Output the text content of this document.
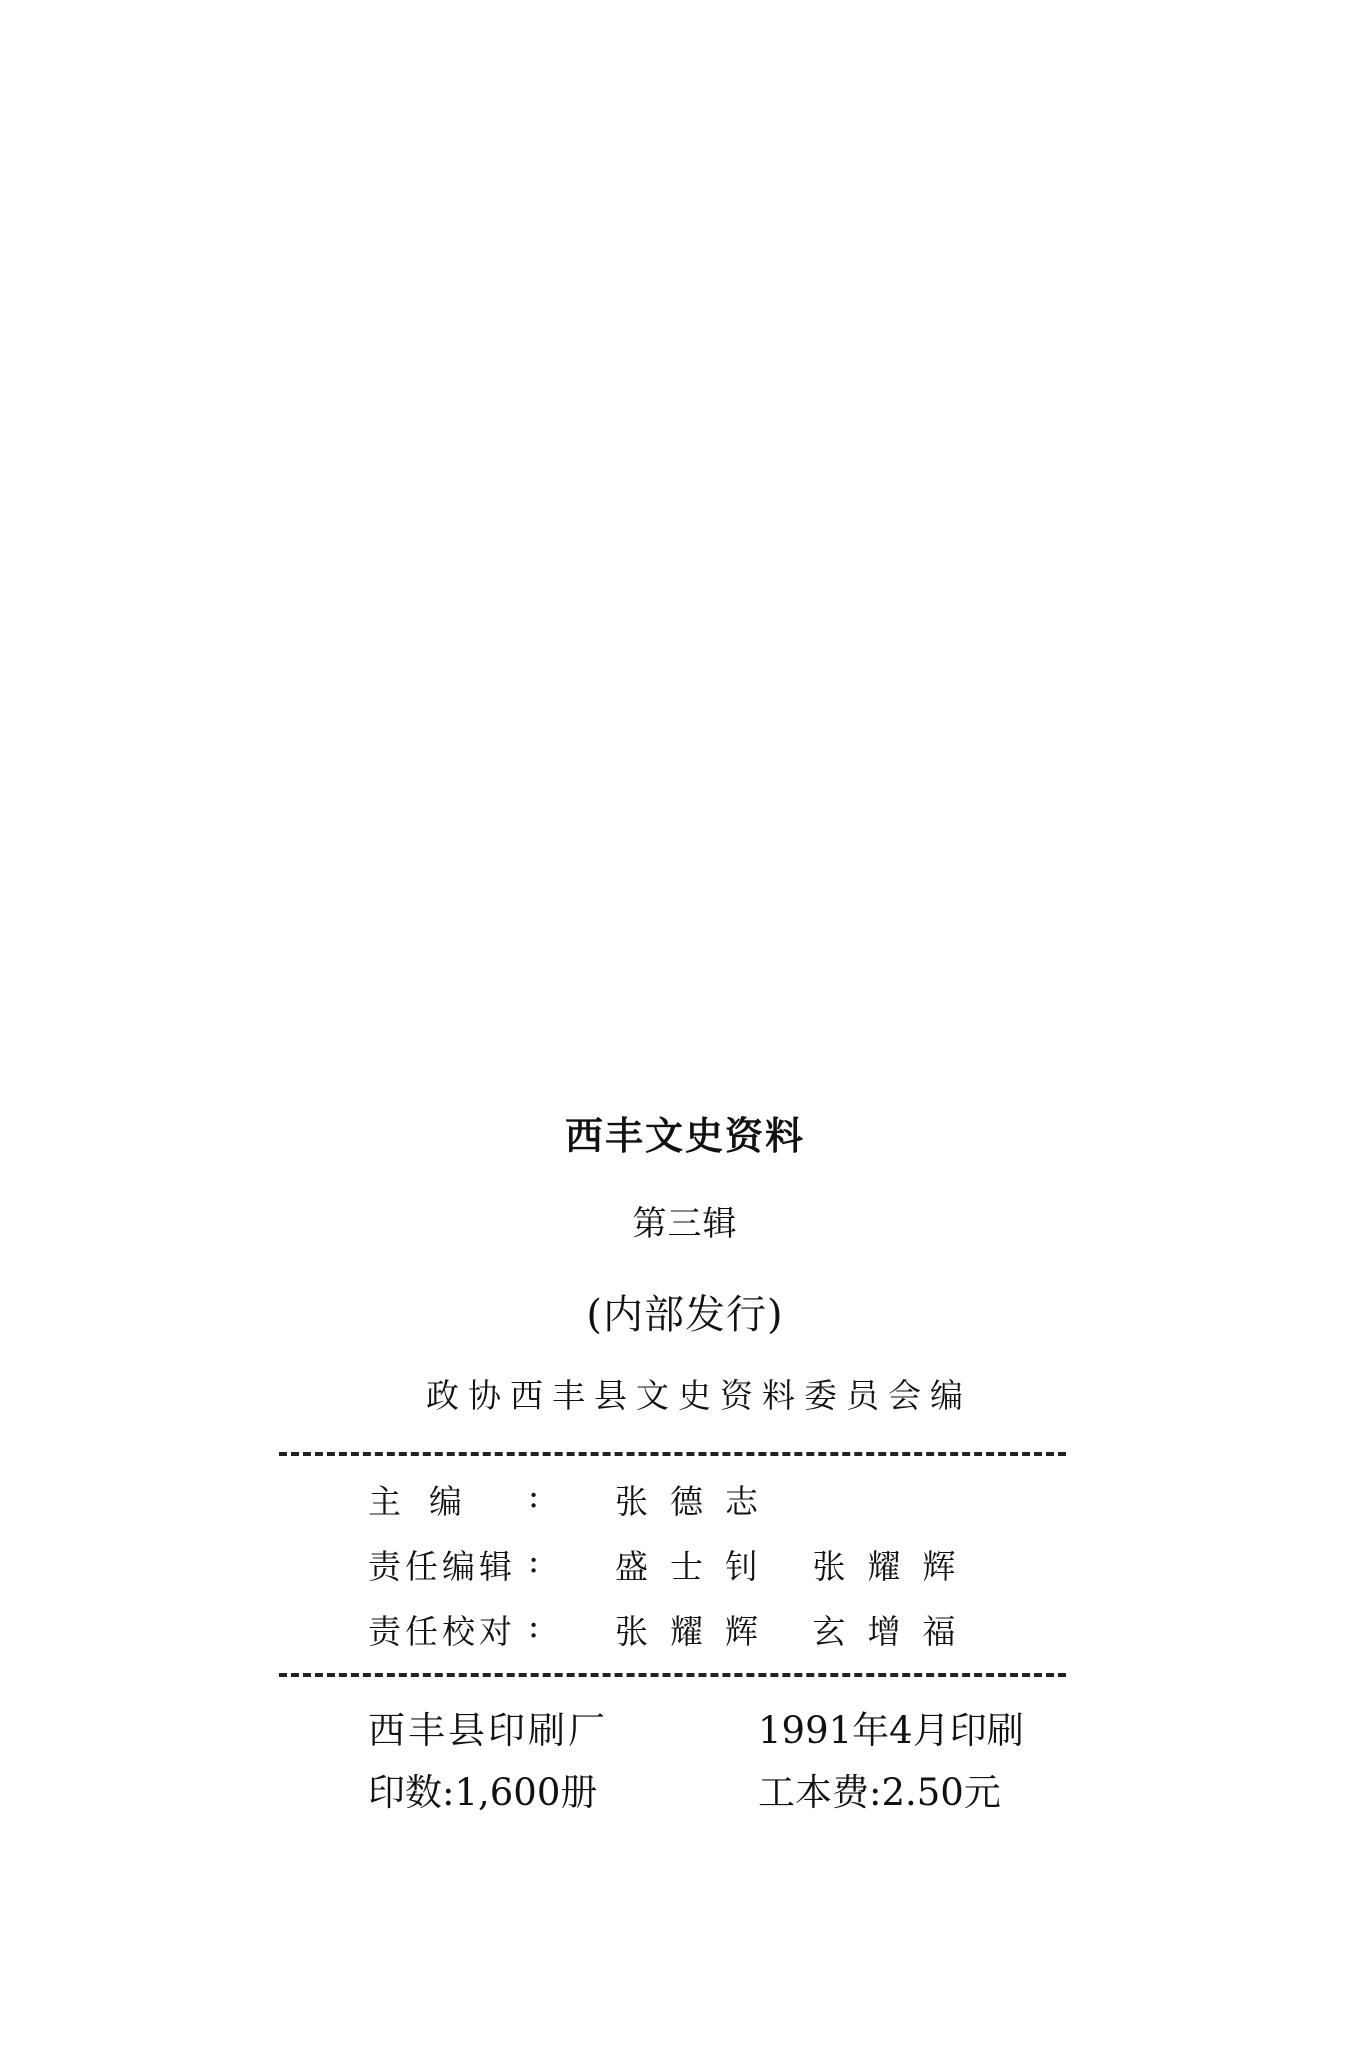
西丰文史资料
第三辑
(内部发行)
政协西丰县文史资料委员会编
主编 : 张德志
责任编辑 : 盛士钊 张耀辉
责任校对 : 张耀辉 玄增福
西丰县印刷厂	1991年4月印刷
印数:1,600册	工本费:2.50元
